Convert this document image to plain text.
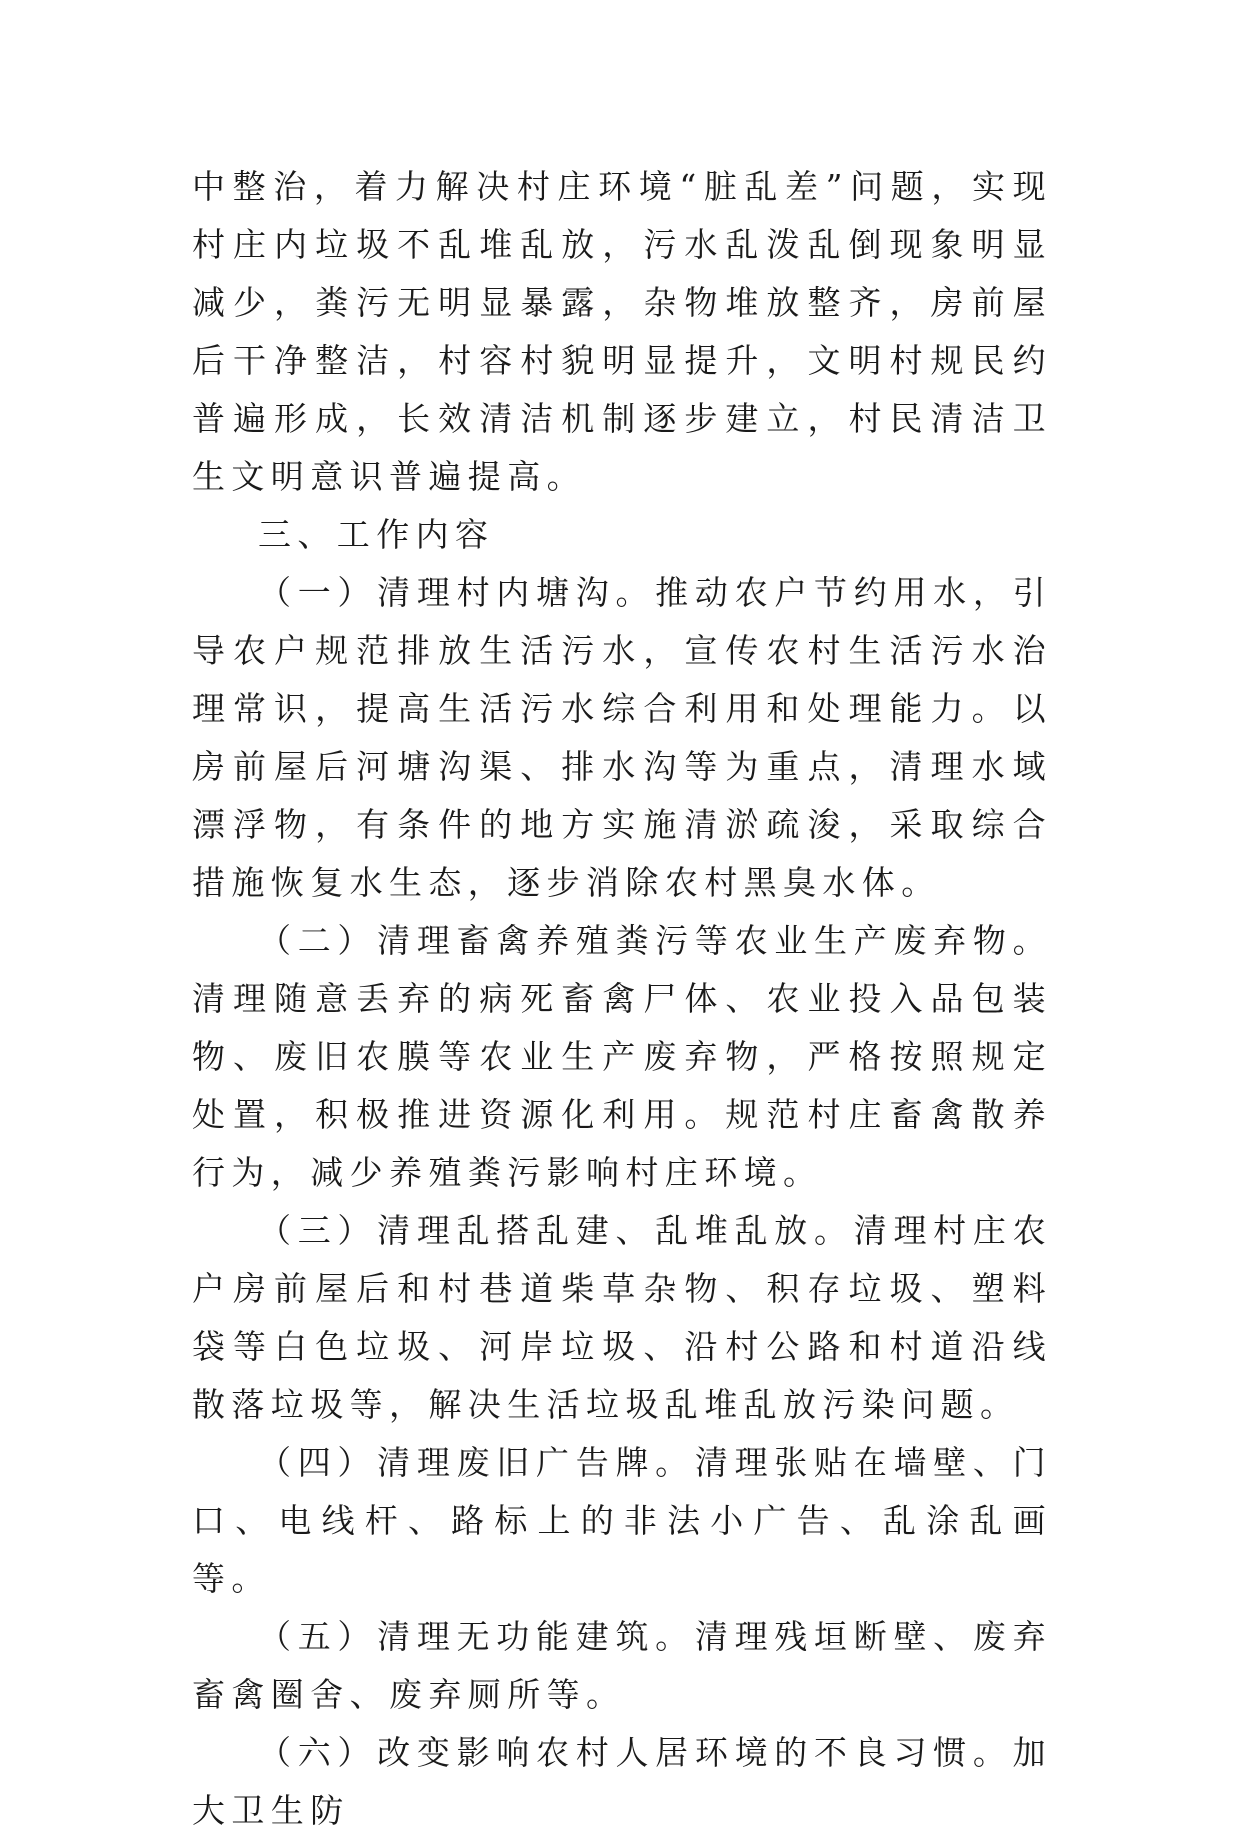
中整治，着力解决村庄环境“脏乱差”问题，实现村庄内垃圾不乱堆乱放，污水乱泼乱倒现象明显减少，粪污无明显暴露，杂物堆放整齐，房前屋后干净整洁，村容村貌明显提升，文明村规民约普遍形成，长效清洁机制逐步建立，村民清洁卫生文明意识普遍提高。

三、工作内容

（一）清理村内塘沟。推动农户节约用水，引导农户规范排放生活污水，宣传农村生活污水治理常识，提高生活污水综合利用和处理能力。以房前屋后河塘沟渠、排水沟等为重点，清理水域漂浮物，有条件的地方实施清淤疏浚，采取综合措施恢复水生态，逐步消除农村黑臭水体。

（二）清理畜禽养殖粪污等农业生产废弃物。清理随意丢弃的病死畜禽尸体、农业投入品包装物、废旧农膜等农业生产废弃物，严格按照规定处置，积极推进资源化利用。规范村庄畜禽散养行为，减少养殖粪污影响村庄环境。

（三）清理乱搭乱建、乱堆乱放。清理村庄农户房前屋后和村巷道柴草杂物、积存垃圾、塑料袋等白色垃圾、河岸垃圾、沿村公路和村道沿线散落垃圾等，解决生活垃圾乱堆乱放污染问题。

（四）清理废旧广告牌。清理张贴在墙壁、门口、电线杆、路标上的非法小广告、乱涂乱画等。

（五）清理无功能建筑。清理残垣断壁、废弃畜禽圈舍、废弃厕所等。

（六）改变影响农村人居环境的不良习惯。加大卫生防
